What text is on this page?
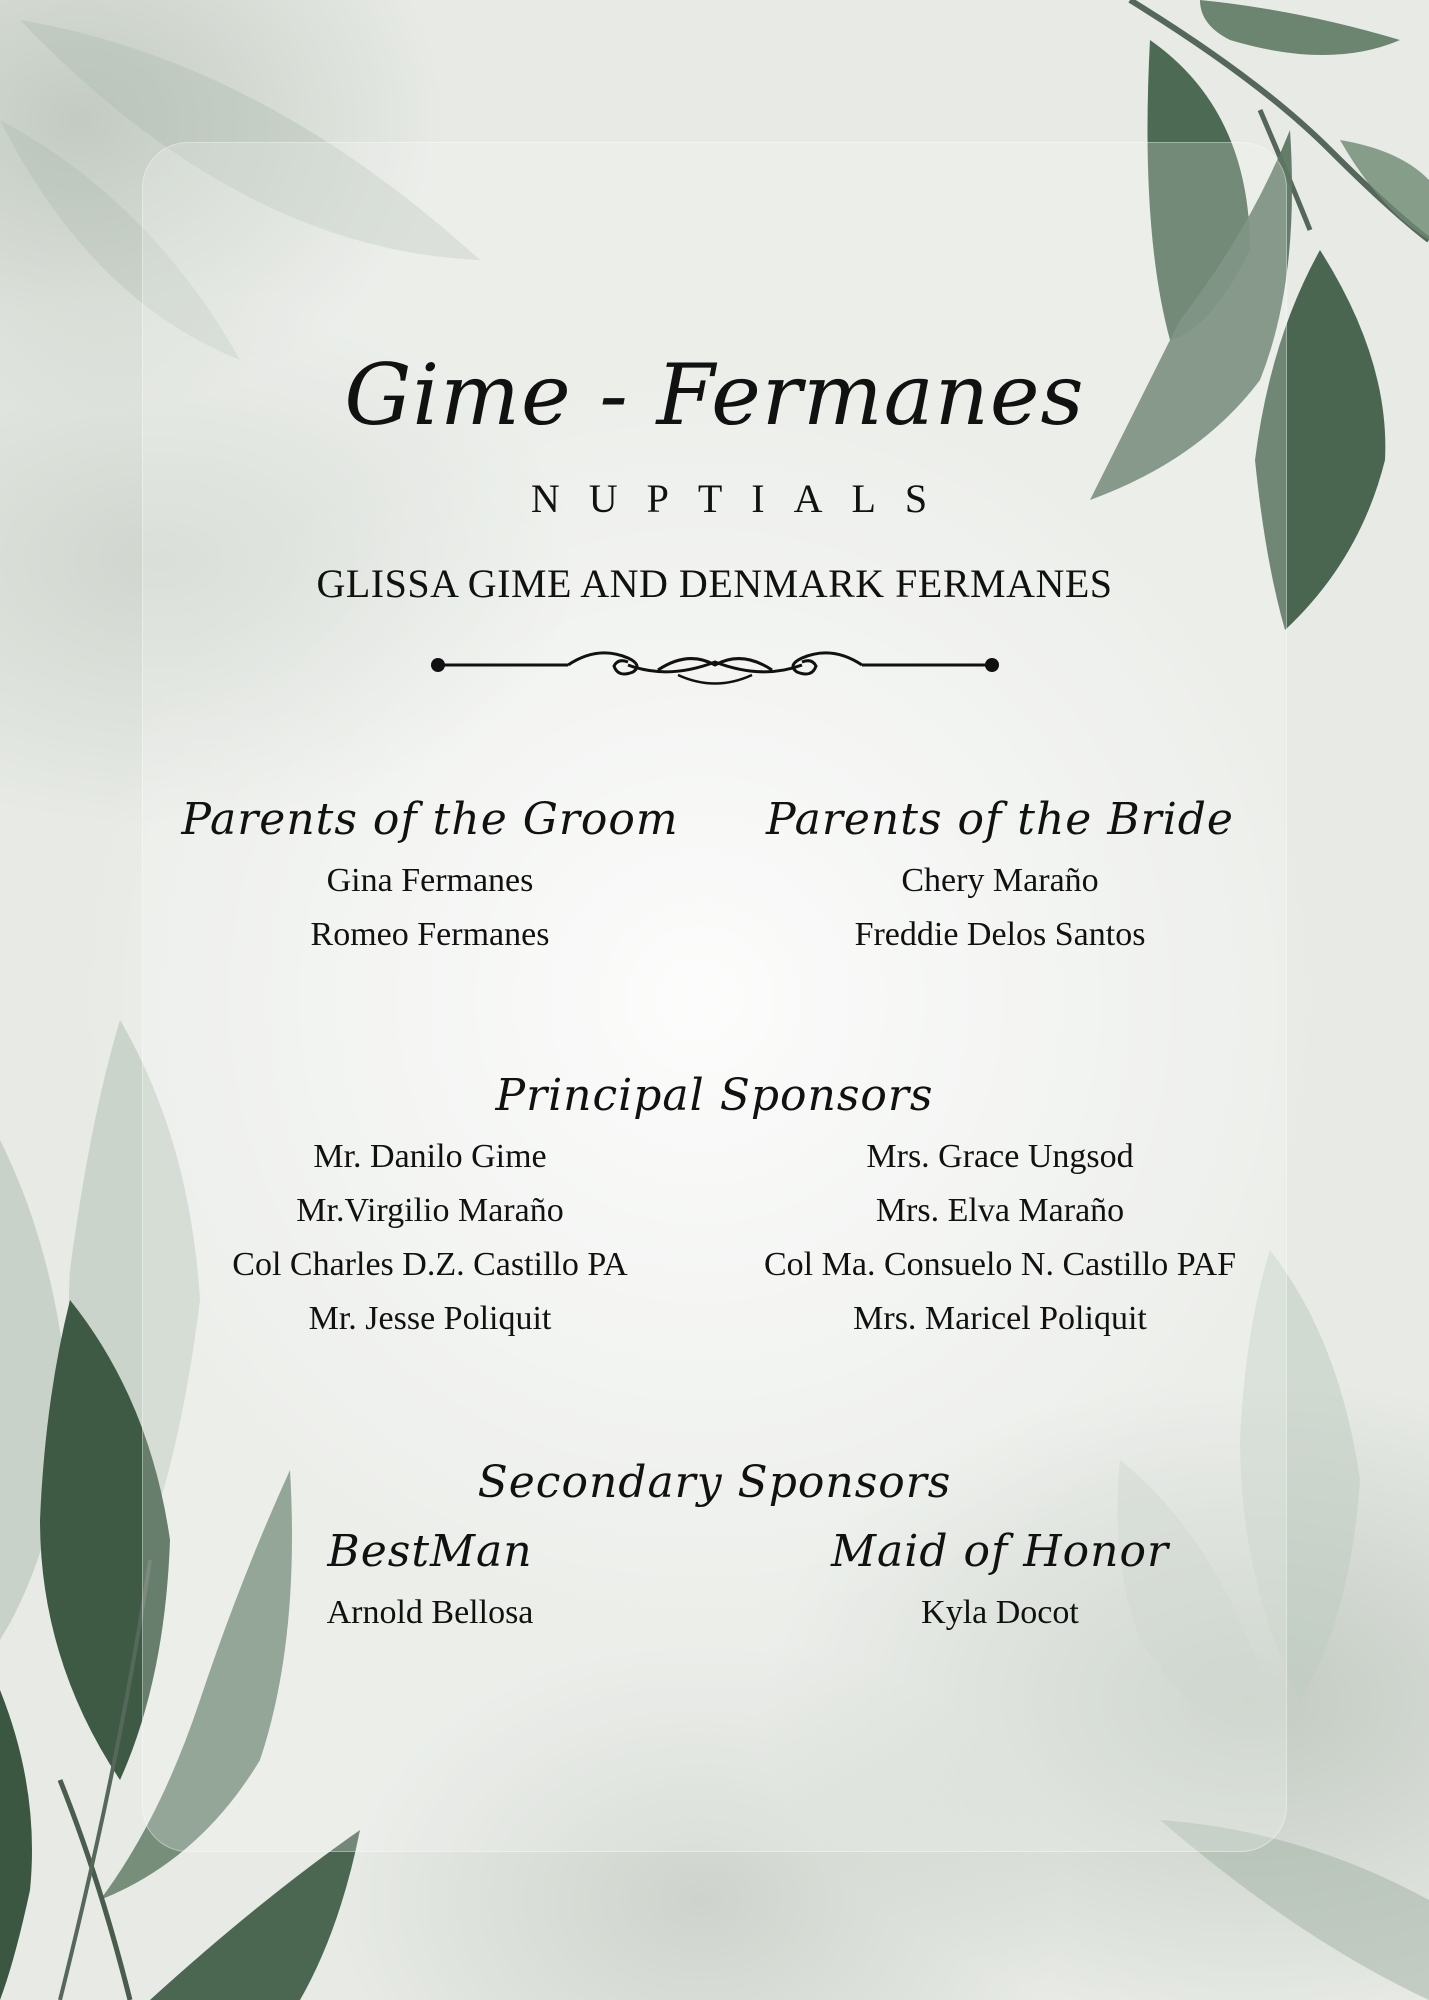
Gime - Fermanes
NUPTIALS
GLISSA GIME AND DENMARK FERMANES
Parents of the Groom
Gina Fermanes
Romeo Fermanes
Parents of the Bride
Chery Maraño
Freddie Delos Santos
Principal Sponsors
Mr. Danilo Gime
Mr.Virgilio Maraño
Col Charles D.Z. Castillo PA
Mr. Jesse Poliquit
Mrs. Grace Ungsod
Mrs. Elva Maraño
Col Ma. Consuelo N. Castillo PAF
Mrs. Maricel Poliquit
Secondary Sponsors
BestMan
Arnold Bellosa
Maid of Honor
Kyla Docot
